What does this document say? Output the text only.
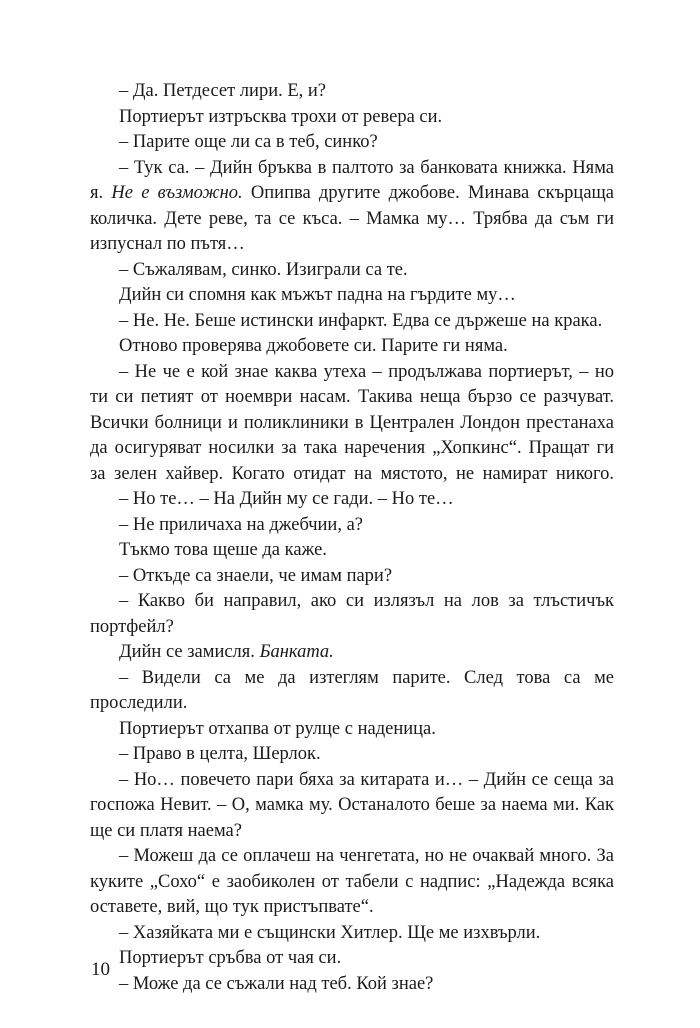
– Да. Петдесет лири. Е, и?

Портиерът изтръсква трохи от ревера си.

– Парите още ли са в теб, синко?

– Тук са. – Дийн бръква в палтото за банковата книжка. Няма я. Не е възможно. Опипва другите джобове. Минава скърцаща количка. Дете реве, та се къса. – Мамка му… Трябва да съм ги изпуснал по пътя…

– Съжалявам, синко. Изиграли са те.

Дийн си спомня как мъжът падна на гърдите му…

– Не. Не. Беше истински инфаркт. Едва се държеше на крака.

Отново проверява джобовете си. Парите ги няма.

– Не че е кой знае каква утеха – продължава портиерът, – но ти си петият от ноември насам. Такива неща бързо се разчуват. Всички болници и поликлиники в Централен Лондон престанаха да осигуряват носилки за така наречения „Хопкинс“. Пращат ги за зелен хайвер. Когато отидат на мястото, не намират никого.

– Но те… – На Дийн му се гади. – Но те…

– Не приличаха на джебчии, а?

Тъкмо това щеше да каже.

– Откъде са знаели, че имам пари?

– Какво би направил, ако си излязъл на лов за тлъстичък портфейл?

Дийн се замисля. Банката.

– Видели са ме да изтеглям парите. След това са ме проследили.

Портиерът отхапва от рулце с наденица.

– Право в целта, Шерлок.

– Но… повечето пари бяха за китарата и… – Дийн се сеща за госпожа Невит. – О, мамка му. Останалото беше за наема ми. Как ще си платя наема?

– Можеш да се оплачеш на ченгетата, но не очаквай много. За куките „Сохо“ е заобиколен от табели с надпис: „Надежда всяка оставете, вий, що тук пристъпвате“.

– Хазяйката ми е същински Хитлер. Ще ме изхвърли.

Портиерът сръбва от чая си.

– Може да се съжали над теб. Кой знае?

10
